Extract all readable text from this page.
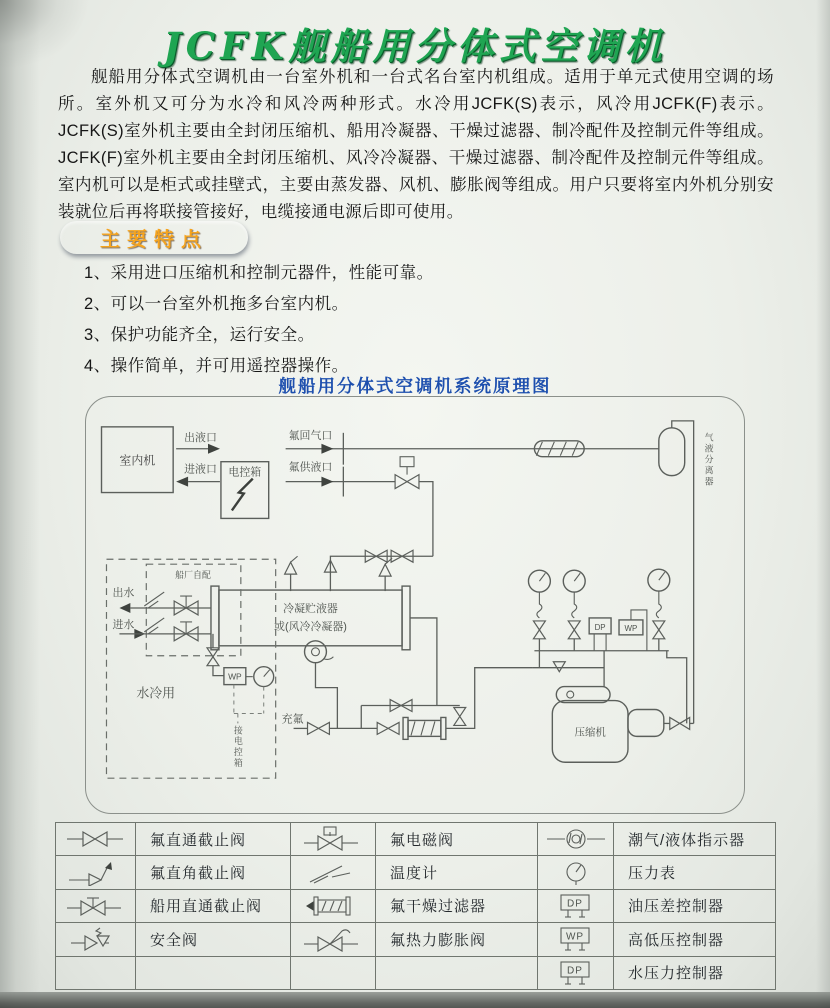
JCFK舰船用分体式空调机
舰船用分体式空调机由一台室外机和一台式名台室内机组成。适用于单元式使用空调的场所。室外机又可分为水冷和风冷两种形式。水冷用JCFK(S)表示，风冷用JCFK(F)表示。JCFK(S)室外机主要由全封闭压缩机、船用冷凝器、干燥过滤器、制冷配件及控制元件等组成。JCFK(F)室外机主要由全封闭压缩机、风冷冷凝器、干燥过滤器、制冷配件及控制元件等组成。室内机可以是柜式或挂壁式，主要由蒸发器、风机、膨胀阀等组成。用户只要将室内外机分别安装就位后再将联接管接好，电缆接通电源后即可使用。
主要特点
1、采用进口压缩机和控制元器件，性能可靠。
2、可以一台室外机拖多台室内机。
3、保护功能齐全，运行安全。
4、操作简单，并可用遥控器操作。
舰船用分体式空调机系统原理图
室内机
出液口
进液口 电控箱
氟回气口	气液分离器
氟供液口
冷凝贮液器
或(风冷冷凝器)
船厂自配
出水
进水
水冷用
WP
接电控箱
充氟
DP WP
压缩机
	氟直通截止阀		氟电磁阀		潮气/液体指示器
	氟直角截止阀		温度计		压力表
	船用直通截止阀		氟干燥过滤器	DP	油压差控制器
	安全阀		氟热力膨胀阀	WP	高低压控制器

DP	水压力控制器
